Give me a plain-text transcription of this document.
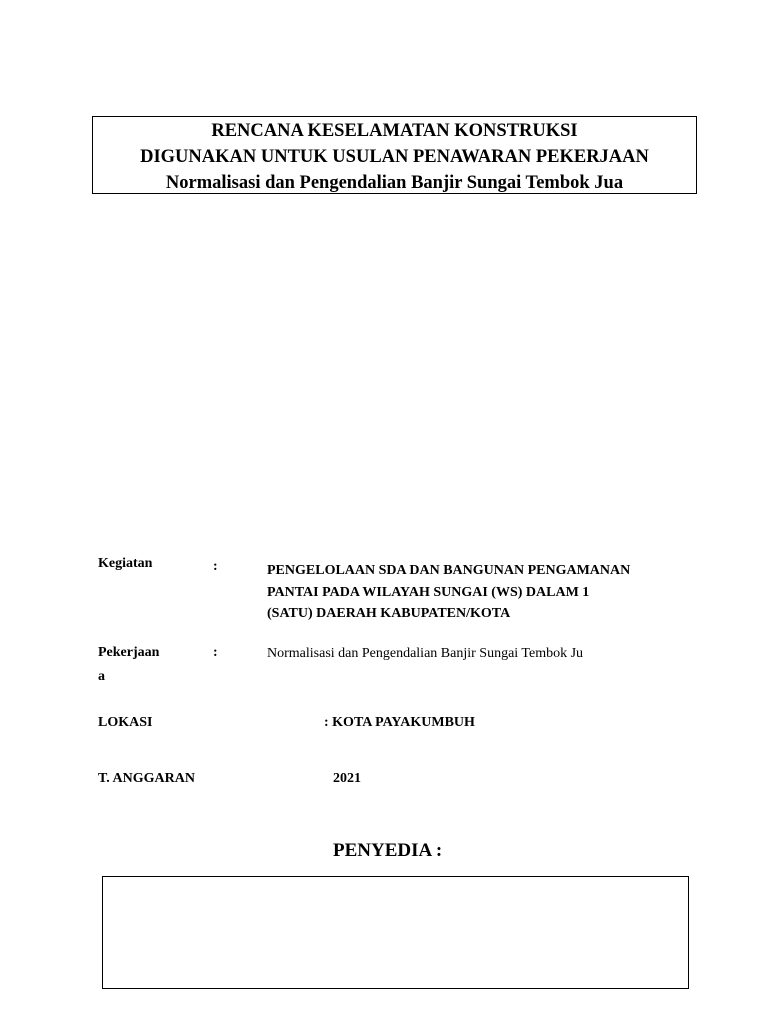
RENCANA KESELAMATAN KONSTRUKSI
DIGUNAKAN UNTUK USULAN PENAWARAN PEKERJAAN
Normalisasi dan Pengendalian Banjir Sungai Tembok Jua
Kegiatan	:	PENGELOLAAN SDA DAN BANGUNAN PENGAMANAN
PANTAI PADA WILAYAH SUNGAI (WS) DALAM 1
(SATU) DAERAH KABUPATEN/KOTA
Pekerjaan
a
:	Normalisasi dan Pengendalian Banjir Sungai Tembok Ju
LOKASI	: KOTA PAYAKUMBUH
T. ANGGARAN	2021
PENYEDIA :
